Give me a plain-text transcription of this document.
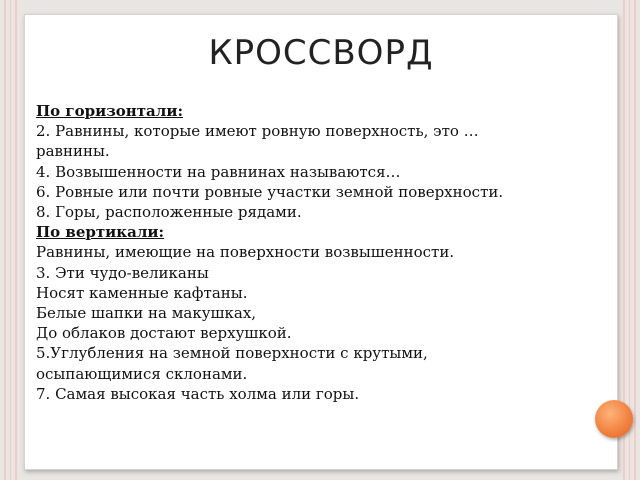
КРОССВОРД
По горизонтали:
2. Равнины, которые имеют ровную поверхность, это …
равнины.
4. Возвышенности на равнинах называются…
6. Ровные или почти ровные участки земной поверхности.
8. Горы, расположенные рядами.
По вертикали:
Равнины, имеющие на поверхности возвышенности.
3. Эти чудо-великаны
Носят каменные кафтаны.
Белые шапки на макушках,
До облаков достают верхушкой.
5.Углубления на земной поверхности с крутыми,
осыпающимися склонами.
7. Самая высокая часть холма или горы.
